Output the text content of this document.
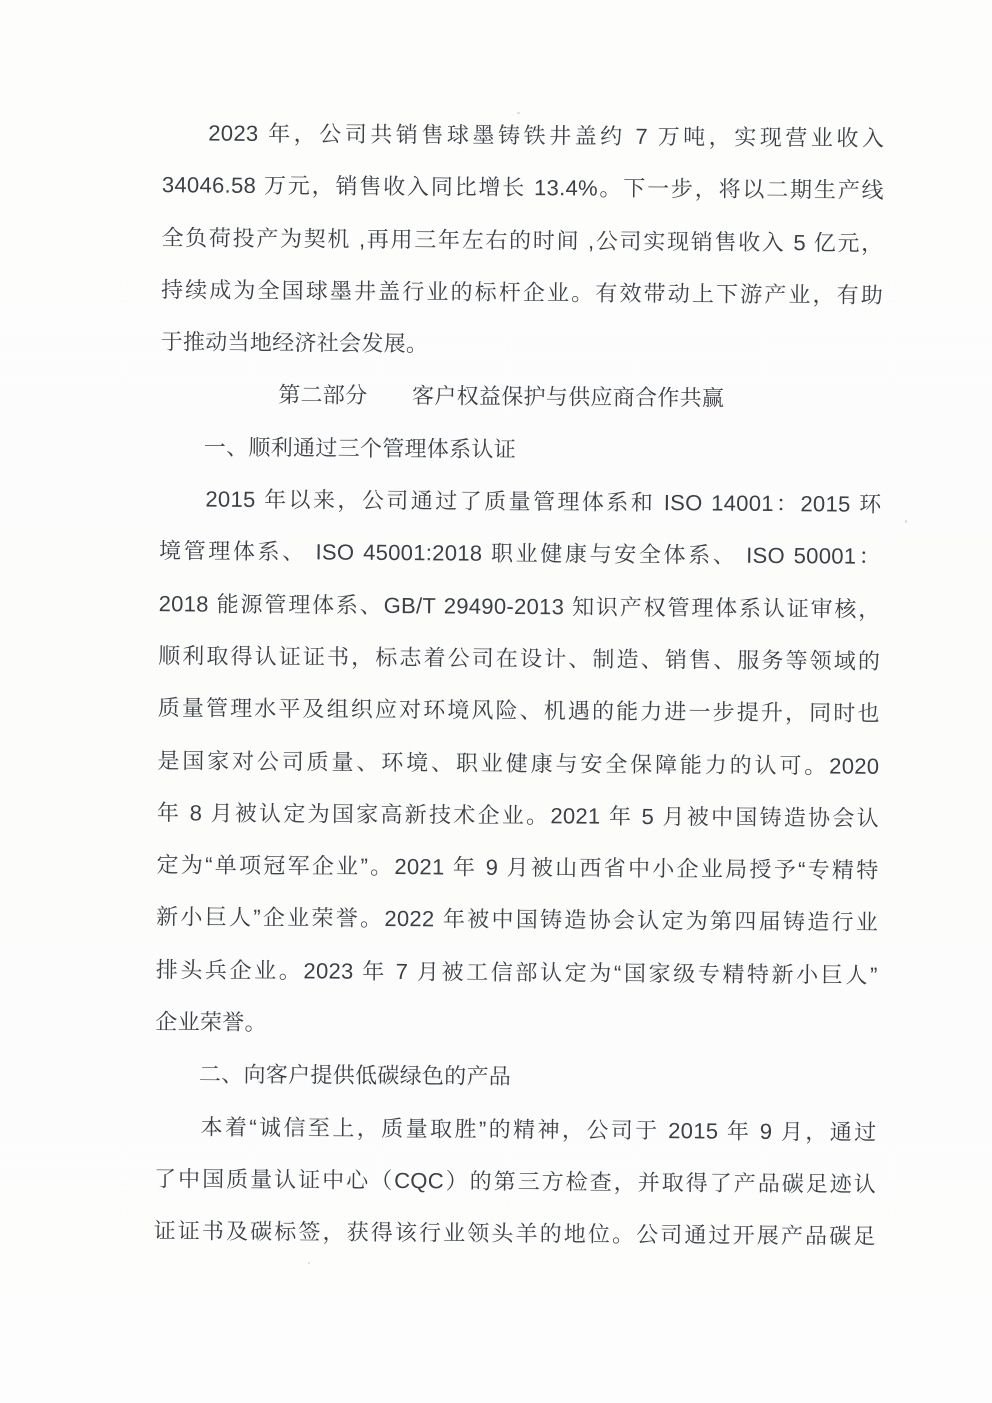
2023 年，公司共销售球墨铸铁井盖约 7 万吨，实现营业收入
34046.58 万元，销售收入同比增长 13.4%。下一步，将以二期生产线
全负荷投产为契机 ,再用三年左右的时间 ,公司实现销售收入 5 亿元，
持续成为全国球墨井盖行业的标杆企业。有效带动上下游产业，有助
于推动当地经济社会发展。
第二部分　　客户权益保护与供应商合作共赢
一、顺利通过三个管理体系认证
2015 年以来，公司通过了质量管理体系和 ISO 14001：2015 环
境管理体系、 ISO 45001:2018 职业健康与安全体系、 ISO 50001：
2018 能源管理体系、GB/T 29490-2013 知识产权管理体系认证审核，
顺利取得认证证书，标志着公司在设计、制造、销售、服务等领域的
质量管理水平及组织应对环境风险、机遇的能力进一步提升，同时也
是国家对公司质量、环境、职业健康与安全保障能力的认可。2020
年 8 月被认定为国家高新技术企业。2021 年 5 月被中国铸造协会认
定为“单项冠军企业”。2021 年 9 月被山西省中小企业局授予“专精特
新小巨人”企业荣誉。2022 年被中国铸造协会认定为第四届铸造行业
排头兵企业。2023 年 7 月被工信部认定为“国家级专精特新小巨人”
企业荣誉。
二、向客户提供低碳绿色的产品
本着“诚信至上，质量取胜”的精神，公司于 2015 年 9 月，通过
了中国质量认证中心（CQC）的第三方检查，并取得了产品碳足迹认
证证书及碳标签，获得该行业领头羊的地位。公司通过开展产品碳足
